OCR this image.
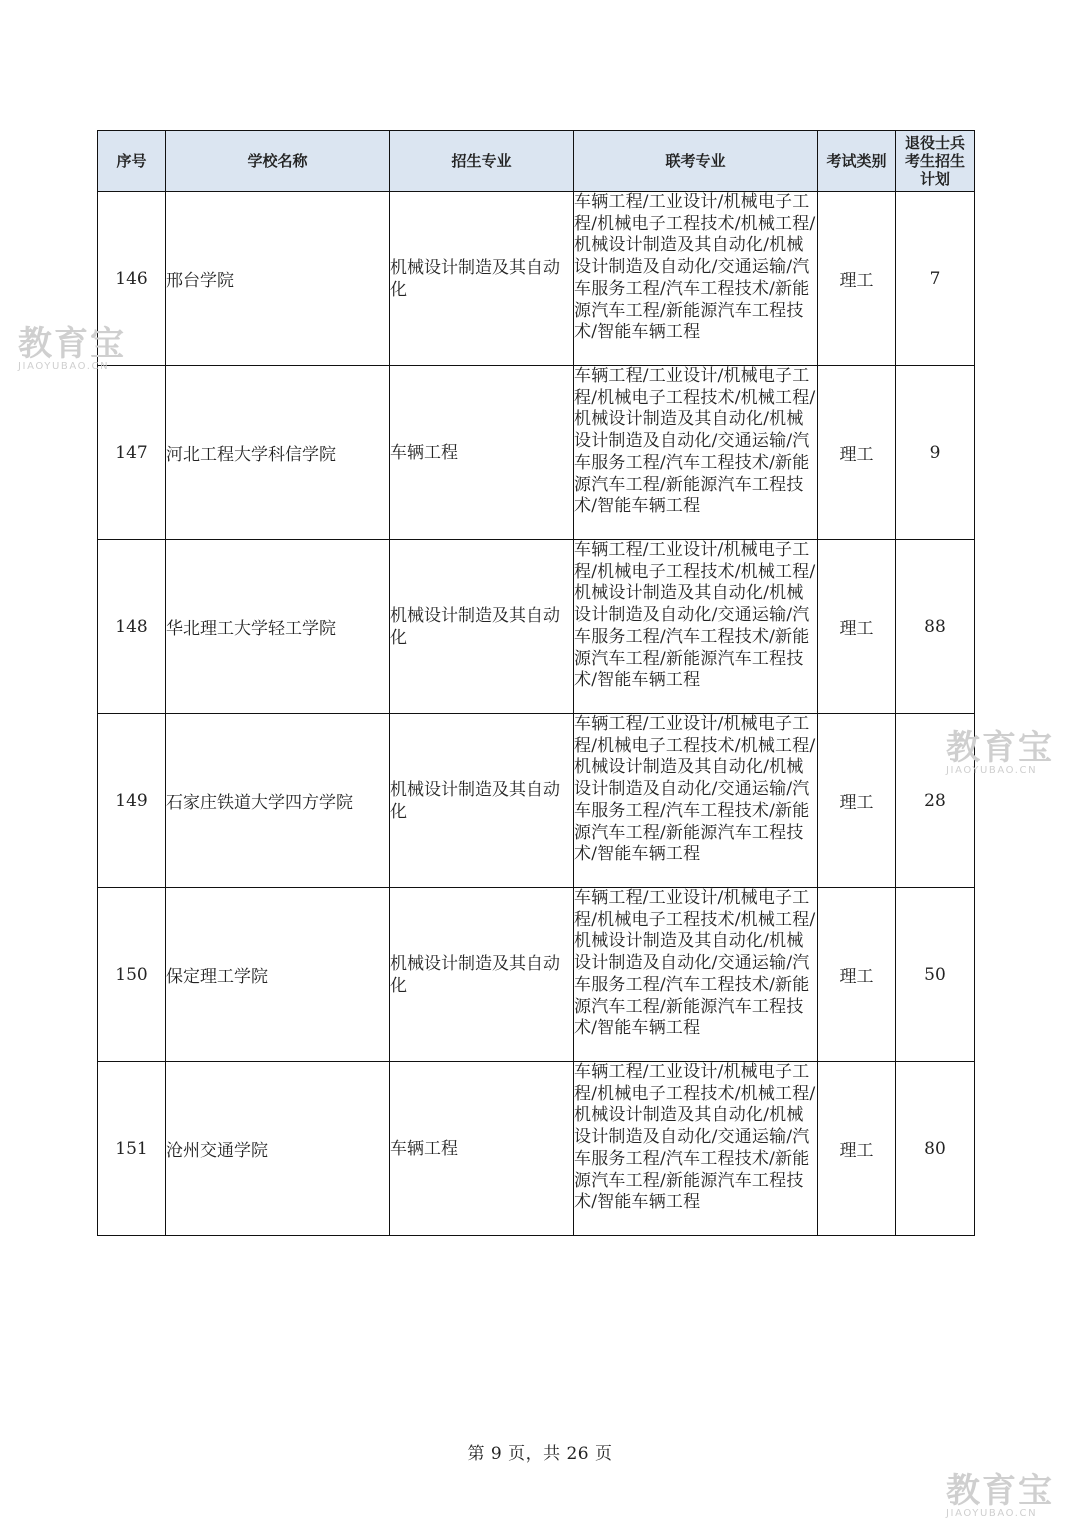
序号	学校名称	招生专业	联考专业	考试类别	退役士兵考生招生计划
146	邢台学院	机械设计制造及其自动化	车辆工程/工业设计/机械电子工程/机械电子工程技术/机械工程/机械设计制造及其自动化/机械设计制造及自动化/交通运输/汽车服务工程/汽车工程技术/新能源汽车工程/新能源汽车工程技术/智能车辆工程	理工	7
147	河北工程大学科信学院	车辆工程	车辆工程/工业设计/机械电子工程/机械电子工程技术/机械工程/机械设计制造及其自动化/机械设计制造及自动化/交通运输/汽车服务工程/汽车工程技术/新能源汽车工程/新能源汽车工程技术/智能车辆工程	理工	9
148	华北理工大学轻工学院	机械设计制造及其自动化	车辆工程/工业设计/机械电子工程/机械电子工程技术/机械工程/机械设计制造及其自动化/机械设计制造及自动化/交通运输/汽车服务工程/汽车工程技术/新能源汽车工程/新能源汽车工程技术/智能车辆工程	理工	88
149	石家庄铁道大学四方学院	机械设计制造及其自动化	车辆工程/工业设计/机械电子工程/机械电子工程技术/机械工程/机械设计制造及其自动化/机械设计制造及自动化/交通运输/汽车服务工程/汽车工程技术/新能源汽车工程/新能源汽车工程技术/智能车辆工程	理工	28
150	保定理工学院	机械设计制造及其自动化	车辆工程/工业设计/机械电子工程/机械电子工程技术/机械工程/机械设计制造及其自动化/机械设计制造及自动化/交通运输/汽车服务工程/汽车工程技术/新能源汽车工程/新能源汽车工程技术/智能车辆工程	理工	50
151	沧州交通学院	车辆工程	车辆工程/工业设计/机械电子工程/机械电子工程技术/机械工程/机械设计制造及其自动化/机械设计制造及自动化/交通运输/汽车服务工程/汽车工程技术/新能源汽车工程/新能源汽车工程技术/智能车辆工程	理工	80
第 9 页，共 26 页
教育宝
JIAOYUBAO.CN
教育宝
JIAOYUBAO.CN
教育宝
JIAOYUBAO.CN
